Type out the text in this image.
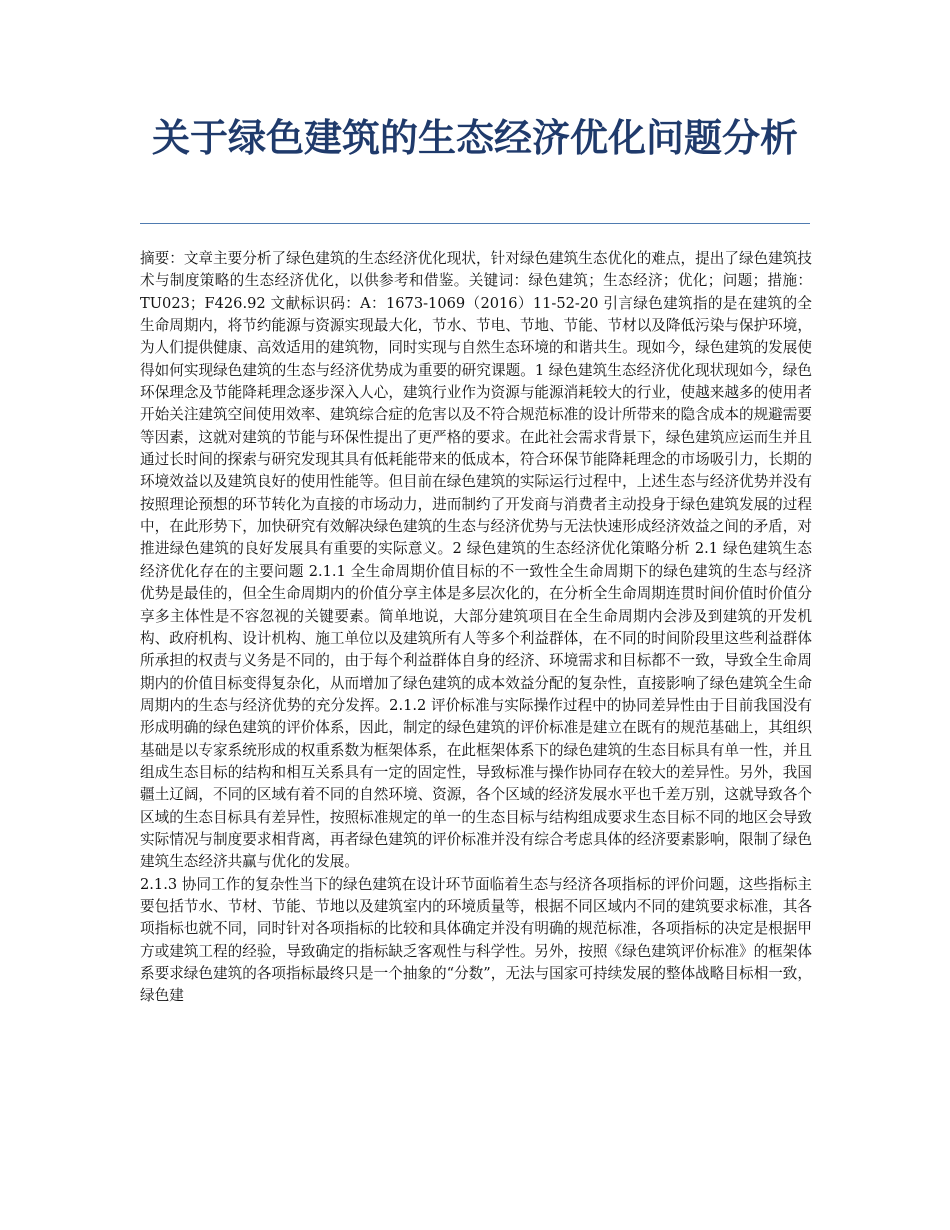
关于绿色建筑的生态经济优化问题分析

摘要：文章主要分析了绿色建筑的生态经济优化现状，针对绿色建筑生态优化的难点，提出了绿色建筑技术与制度策略的生态经济优化，以供参考和借鉴。关键词：绿色建筑；生态经济；优化；问题；措施：TU023；F426.92 文献标识码：A：1673-1069（2016）11-52-20 引言绿色建筑指的是在建筑的全生命周期内，将节约能源与资源实现最大化，节水、节电、节地、节能、节材以及降低污染与保护环境，为人们提供健康、高效适用的建筑物，同时实现与自然生态环境的和谐共生。现如今，绿色建筑的发展使得如何实现绿色建筑的生态与经济优势成为重要的研究课题。1 绿色建筑生态经济优化现状现如今，绿色环保理念及节能降耗理念逐步深入人心，建筑行业作为资源与能源消耗较大的行业，使越来越多的使用者开始关注建筑空间使用效率、建筑综合症的危害以及不符合规范标准的设计所带来的隐含成本的规避需要等因素，这就对建筑的节能与环保性提出了更严格的要求。在此社会需求背景下，绿色建筑应运而生并且通过长时间的探索与研究发现其具有低耗能带来的低成本，符合环保节能降耗理念的市场吸引力，长期的环境效益以及建筑良好的使用性能等。但目前在绿色建筑的实际运行过程中，上述生态与经济优势并没有按照理论预想的环节转化为直接的市场动力，进而制约了开发商与消费者主动投身于绿色建筑发展的过程中，在此形势下，加快研究有效解决绿色建筑的生态与经济优势与无法快速形成经济效益之间的矛盾，对推进绿色建筑的良好发展具有重要的实际意义。2 绿色建筑的生态经济优化策略分析 2.1 绿色建筑生态经济优化存在的主要问题 2.1.1 全生命周期价值目标的不一致性全生命周期下的绿色建筑的生态与经济优势是最佳的，但全生命周期内的价值分享主体是多层次化的，在分析全生命周期连贯时间价值时价值分享多主体性是不容忽视的关键要素。简单地说，大部分建筑项目在全生命周期内会涉及到建筑的开发机构、政府机构、设计机构、施工单位以及建筑所有人等多个利益群体，在不同的时间阶段里这些利益群体所承担的权责与义务是不同的，由于每个利益群体自身的经济、环境需求和目标都不一致，导致全生命周期内的价值目标变得复杂化，从而增加了绿色建筑的成本效益分配的复杂性，直接影响了绿色建筑全生命周期内的生态与经济优势的充分发挥。2.1.2 评价标准与实际操作过程中的协同差异性由于目前我国没有形成明确的绿色建筑的评价体系，因此，制定的绿色建筑的评价标准是建立在既有的规范基础上，其组织基础是以专家系统形成的权重系数为框架体系，在此框架体系下的绿色建筑的生态目标具有单一性，并且组成生态目标的结构和相互关系具有一定的固定性，导致标准与操作协同存在较大的差异性。另外，我国疆土辽阔，不同的区域有着不同的自然环境、资源，各个区域的经济发展水平也千差万别，这就导致各个区域的生态目标具有差异性，按照标准规定的单一的生态目标与结构组成要求生态目标不同的地区会导致实际情况与制度要求相背离，再者绿色建筑的评价标准并没有综合考虑具体的经济要素影响，限制了绿色建筑生态经济共赢与优化的发展。

2.1.3 协同工作的复杂性当下的绿色建筑在设计环节面临着生态与经济各项指标的评价问题，这些指标主要包括节水、节材、节能、节地以及建筑室内的环境质量等，根据不同区域内不同的建筑要求标准，其各项指标也就不同，同时针对各项指标的比较和具体确定并没有明确的规范标准，各项指标的决定是根据甲方或建筑工程的经验，导致确定的指标缺乏客观性与科学性。另外，按照《绿色建筑评价标准》的框架体系要求绿色建筑的各项指标最终只是一个抽象的“分数”，无法与国家可持续发展的整体战略目标相一致，绿色建
